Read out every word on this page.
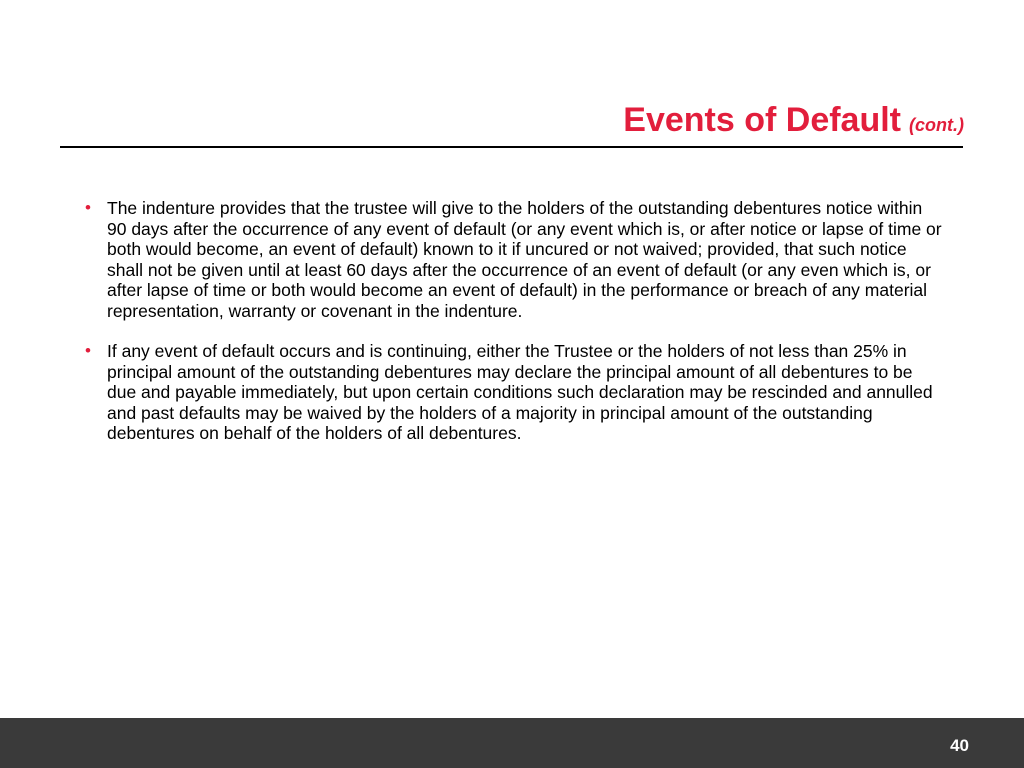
Events of Default (cont.)
• The indenture provides that the trustee will give to the holders of the outstanding debentures notice within 90 days after the occurrence of any event of default (or any event which is, or after notice or lapse of time or both would become, an event of default) known to it if uncured or not waived; provided, that such notice shall not be given until at least 60 days after the occurrence of an event of default (or any even which is, or after lapse of time or both would become an event of default) in the performance or breach of any material representation, warranty or covenant in the indenture.
• If any event of default occurs and is continuing, either the Trustee or the holders of not less than 25% in principal amount of the outstanding debentures may declare the principal amount of all debentures to be due and payable immediately, but upon certain conditions such declaration may be rescinded and annulled and past defaults may be waived by the holders of a majority in principal amount of the outstanding debentures on behalf of the holders of all debentures.
40
